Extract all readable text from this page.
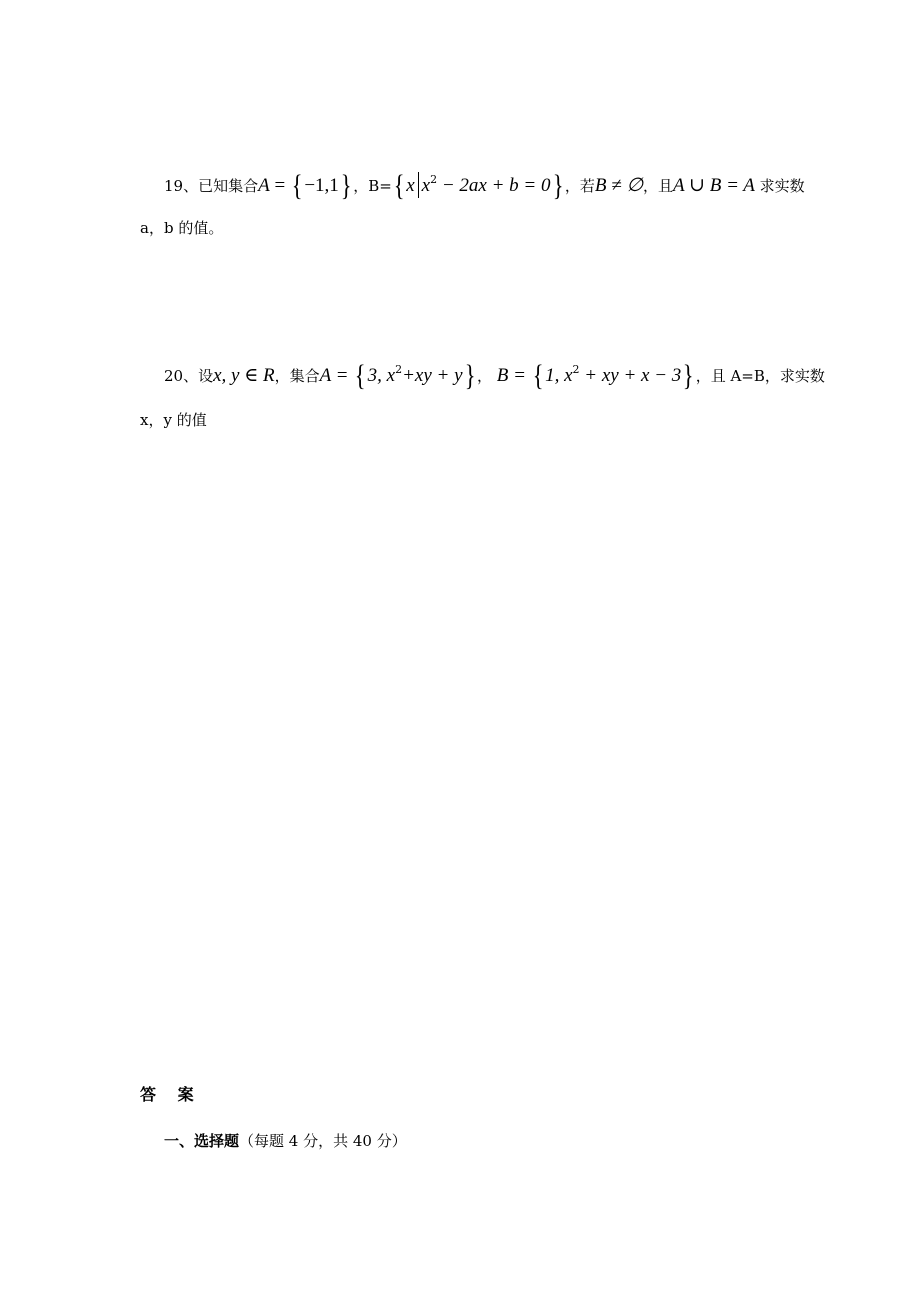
19、已知集合A = {−1,1} ，B={x $x^2 - 2ax + b = 0$} ，若B ≠ ∅，且A ∪ B = A 求实数
a，b 的值。
20、设x, y ∈ R，集合A = {3, $x^2+xy + y$} ， B = {1, $x^2$ + xy + x − 3} ，且 A=B，求实数
x，y 的值
答　 案
一、选择题（每题 4 分，共 40 分）
